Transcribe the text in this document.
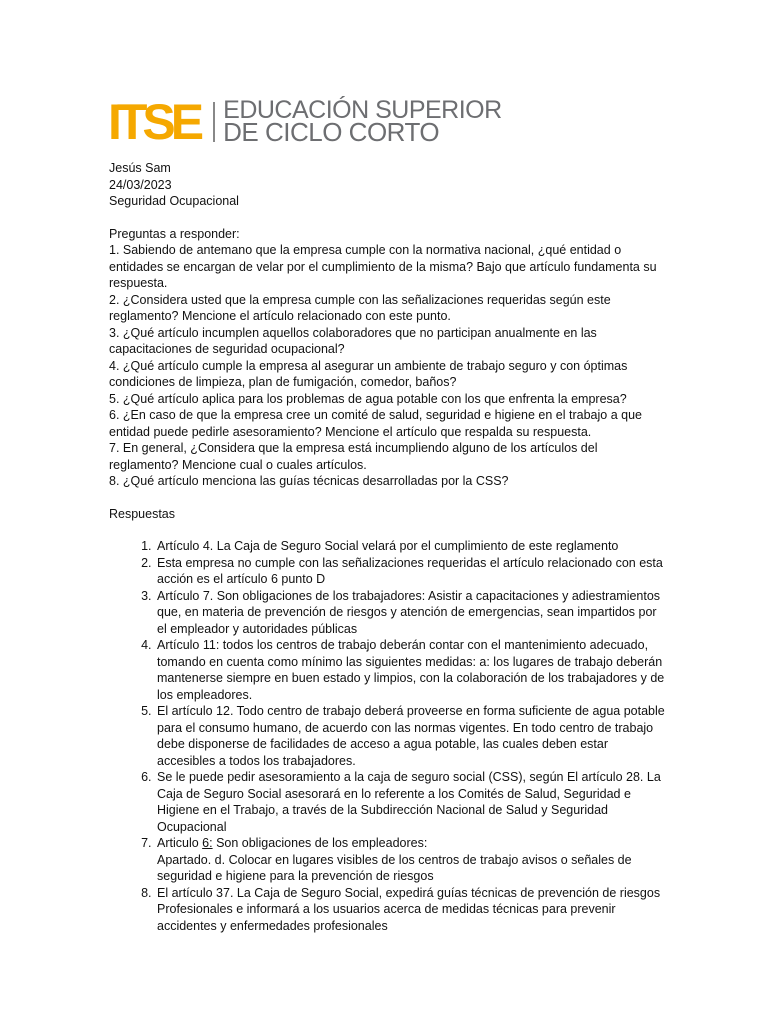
ITSE EDUCACIÓN SUPERIOR
DE CICLO CORTO

Jesús Sam

24/03/2023

Seguridad Ocupacional

Preguntas a responder:

1. Sabiendo de antemano que la empresa cumple con la normativa nacional, ¿qué entidad o entidades se encargan de velar por el cumplimiento de la misma? Bajo que artículo fundamenta su respuesta.

2. ¿Considera usted que la empresa cumple con las señalizaciones requeridas según este reglamento? Mencione el artículo relacionado con este punto.

3. ¿Qué artículo incumplen aquellos colaboradores que no participan anualmente en las capacitaciones de seguridad ocupacional?

4. ¿Qué artículo cumple la empresa al asegurar un ambiente de trabajo seguro y con óptimas condiciones de limpieza, plan de fumigación, comedor, baños?

5. ¿Qué artículo aplica para los problemas de agua potable con los que enfrenta la empresa?

6. ¿En caso de que la empresa cree un comité de salud, seguridad e higiene en el trabajo a que entidad puede pedirle asesoramiento? Mencione el artículo que respalda su respuesta.

7. En general, ¿Considera que la empresa está incumpliendo alguno de los artículos del reglamento? Mencione cual o cuales artículos.

8. ¿Qué artículo menciona las guías técnicas desarrolladas por la CSS?

Respuestas

1. Artículo 4. La Caja de Seguro Social velará por el cumplimiento de este reglamento
2. Esta empresa no cumple con las señalizaciones requeridas el artículo relacionado con esta acción es el artículo 6 punto D
3. Artículo 7. Son obligaciones de los trabajadores: Asistir a capacitaciones y adiestramientos que, en materia de prevención de riesgos y atención de emergencias, sean impartidos por el empleador y autoridades públicas
4. Artículo 11: todos los centros de trabajo deberán contar con el mantenimiento adecuado, tomando en cuenta como mínimo las siguientes medidas: a: los lugares de trabajo deberán mantenerse siempre en buen estado y limpios, con la colaboración de los trabajadores y de los empleadores.
5. El artículo 12. Todo centro de trabajo deberá proveerse en forma suficiente de agua potable para el consumo humano, de acuerdo con las normas vigentes. En todo centro de trabajo debe disponerse de facilidades de acceso a agua potable, las cuales deben estar accesibles a todos los trabajadores.
6. Se le puede pedir asesoramiento a la caja de seguro social (CSS), según El artículo 28. La Caja de Seguro Social asesorará en lo referente a los Comités de Salud, Seguridad e Higiene en el Trabajo, a través de la Subdirección Nacional de Salud y Seguridad Ocupacional
7. Articulo 6: Son obligaciones de los empleadores:
Apartado. d. Colocar en lugares visibles de los centros de trabajo avisos o señales de seguridad e higiene para la prevención de riesgos
8. El artículo 37. La Caja de Seguro Social, expedirá guías técnicas de prevención de riesgos Profesionales e informará a los usuarios acerca de medidas técnicas para prevenir accidentes y enfermedades profesionales
